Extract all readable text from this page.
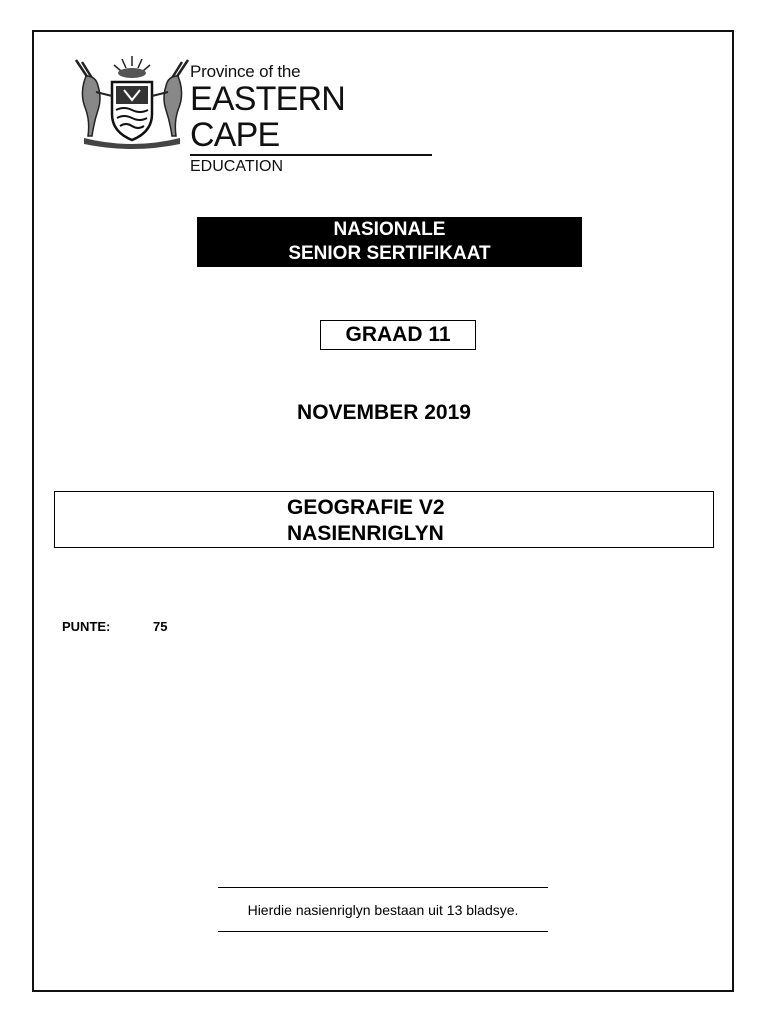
Province of the
EASTERN CAPE
EDUCATION
NASIONALE
SENIOR SERTIFIKAAT
GRAAD 11
NOVEMBER 2019
GEOGRAFIE V2
NASIENRIGLYN
PUNTE:	75
Hierdie nasienriglyn bestaan uit 13 bladsye.
